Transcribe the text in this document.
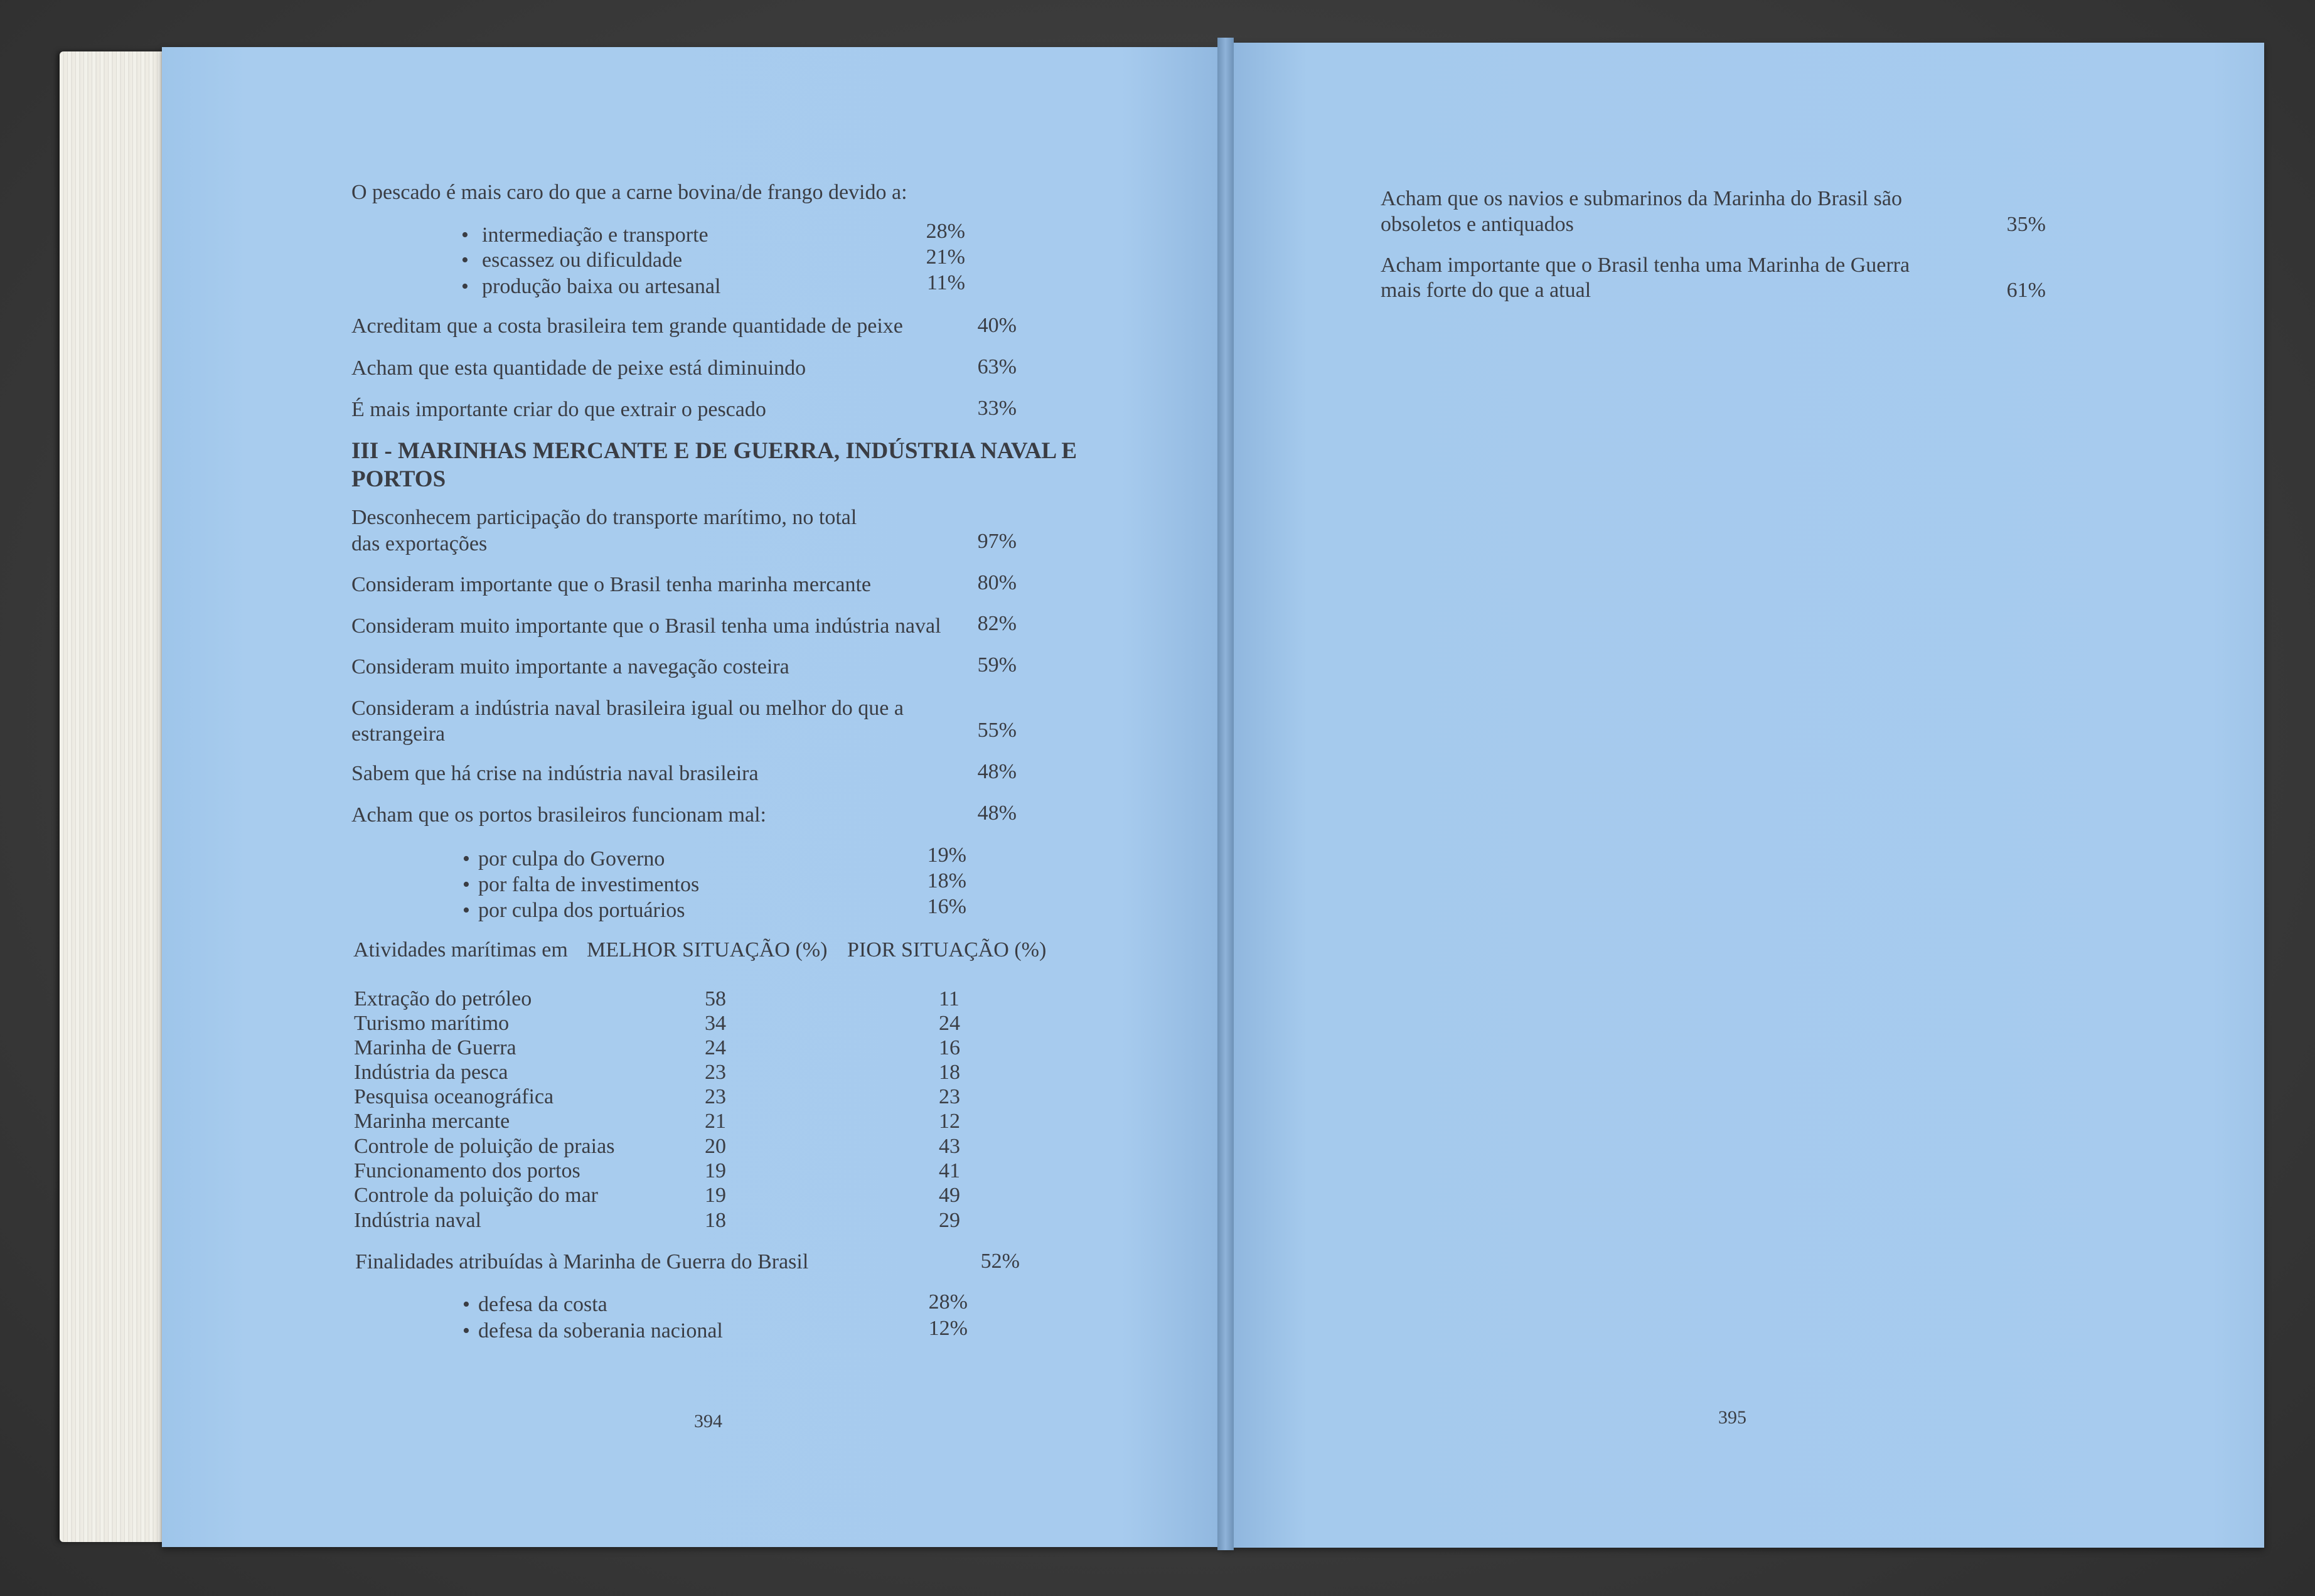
O pescado é mais caro do que a carne bovina/de frango devido a:
• intermediação e transporte	28%
• escassez ou dificuldade	21%
• produção baixa ou artesanal	11%
Acreditam que a costa brasileira tem grande quantidade de peixe	40%
Acham que esta quantidade de peixe está diminuindo	63%
É mais importante criar do que extrair o pescado	33%
III - MARINHAS MERCANTE E DE GUERRA, INDÚSTRIA NAVAL E
PORTOS
Desconhecem participação do transporte marítimo, no total
das exportações	97%
Consideram importante que o Brasil tenha marinha mercante	80%
Consideram muito importante que o Brasil tenha uma indústria naval	82%
Consideram muito importante a navegação costeira	59%
Consideram a indústria naval brasileira igual ou melhor do que a
estrangeira	55%
Sabem que há crise na indústria naval brasileira	48%
Acham que os portos brasileiros funcionam mal:	48%
• por culpa do Governo	19%
• por falta de investimentos	18%
• por culpa dos portuários	16%
Atividades marítimas em MELHOR SITUAÇÃO (%) PIOR SITUAÇÃO (%)
Extração do petróleo	58	11
Turismo marítimo	34	24
Marinha de Guerra	24	16
Indústria da pesca	23	18
Pesquisa oceanográfica	23	23
Marinha mercante	21	12
Controle de poluição de praias	20	43
Funcionamento dos portos	19	41
Controle da poluição do mar	19	49
Indústria naval	18	29
Finalidades atribuídas à Marinha de Guerra do Brasil	52%
• defesa da costa	28%
• defesa da soberania nacional	12%
394
Acham que os navios e submarinos da Marinha do Brasil são
obsoletos e antiquados	35%
Acham importante que o Brasil tenha uma Marinha de Guerra
mais forte do que a atual	61%
395
